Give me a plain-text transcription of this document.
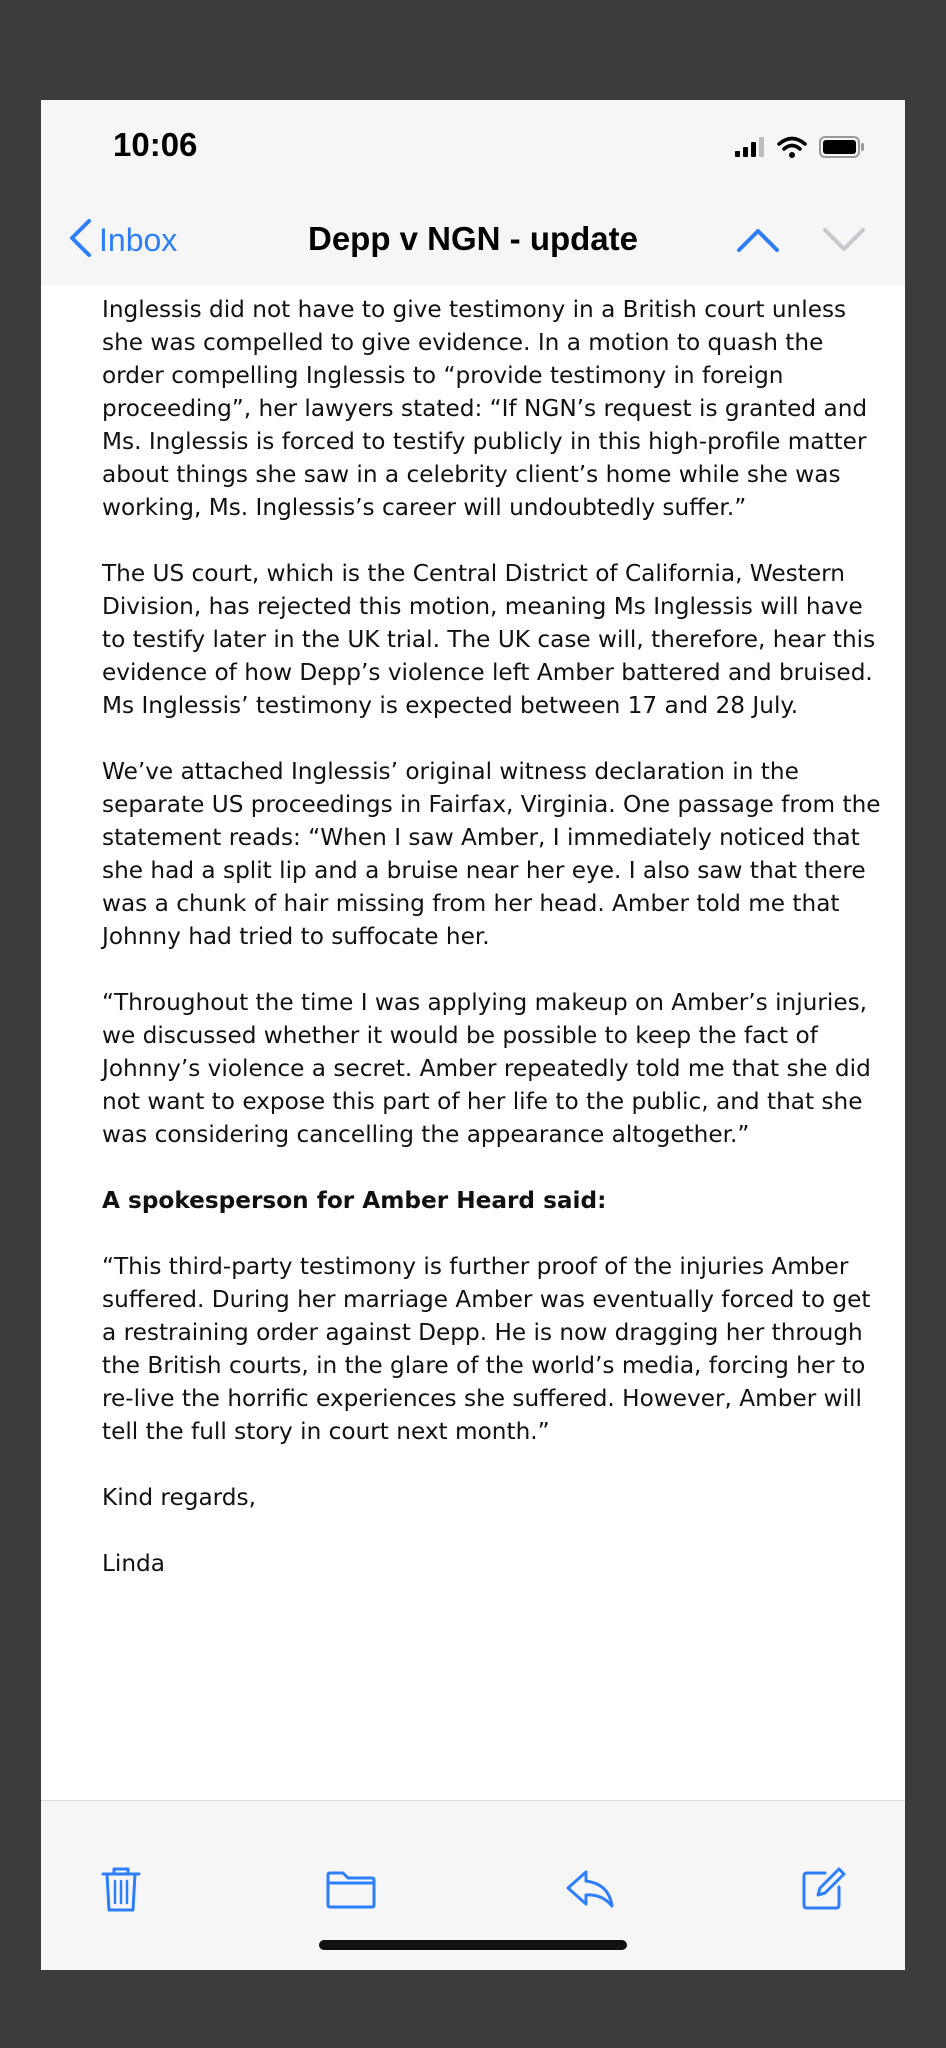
10:06
Inbox	Depp v NGN - update

Inglessis did not have to give testimony in a British court unless she was compelled to give evidence. In a motion to quash the order compelling Inglessis to “provide testimony in foreign proceeding”, her lawyers stated: “If NGN’s request is granted and Ms. Inglessis is forced to testify publicly in this high-profile matter about things she saw in a celebrity client’s home while she was working, Ms. Inglessis’s career will undoubtedly suffer.”

The US court, which is the Central District of California, Western Division, has rejected this motion, meaning Ms Inglessis will have to testify later in the UK trial. The UK case will, therefore, hear this evidence of how Depp’s violence left Amber battered and bruised. Ms Inglessis’ testimony is expected between 17 and 28 July.

We’ve attached Inglessis’ original witness declaration in the separate US proceedings in Fairfax, Virginia. One passage from the statement reads: “When I saw Amber, I immediately noticed that she had a split lip and a bruise near her eye. I also saw that there was a chunk of hair missing from her head. Amber told me that Johnny had tried to suffocate her.

“Throughout the time I was applying makeup on Amber’s injuries, we discussed whether it would be possible to keep the fact of Johnny’s violence a secret. Amber repeatedly told me that she did not want to expose this part of her life to the public, and that she was considering cancelling the appearance altogether.”

A spokesperson for Amber Heard said:

“This third-party testimony is further proof of the injuries Amber suffered. During her marriage Amber was eventually forced to get a restraining order against Depp. He is now dragging her through the British courts, in the glare of the world’s media, forcing her to re-live the horrific experiences she suffered. However, Amber will tell the full story in court next month.”

Kind regards,

Linda
